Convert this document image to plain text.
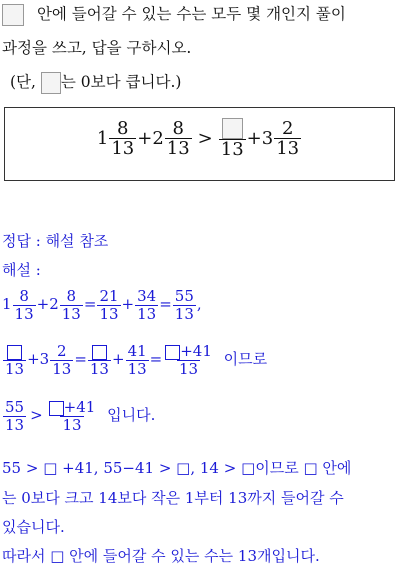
안에 들어갈 수 있는 수는 모두 몇 개인지 풀이
과정을 쓰고, 답을 구하시오.
(단, 는 0보다 큽니다.)
$1 \frac{8}{13} +2 \frac{8}{13}$ >
13
$+3 \frac{2}{13}$
정답 : 해설 참조
해설 :
$1 \frac{8}{13} +2 \frac{8}{13} = \frac{21}{13} + \frac{34}{13} = \frac{55}{13}$ ,
13
$+3 \frac{2}{13}$ =
13
+ $\frac{41}{13} = \frac{+41}{13}$ 이므로
$\frac{55}{13} > \frac{+41}{13}$ 입니다.
55 > □ +41, 55−41 > □, 14 > □이므로 □ 안에
는 0보다 크고 14보다 작은 1부터 13까지 들어갈 수
있습니다.
따라서 □ 안에 들어갈 수 있는 수는 13개입니다.
